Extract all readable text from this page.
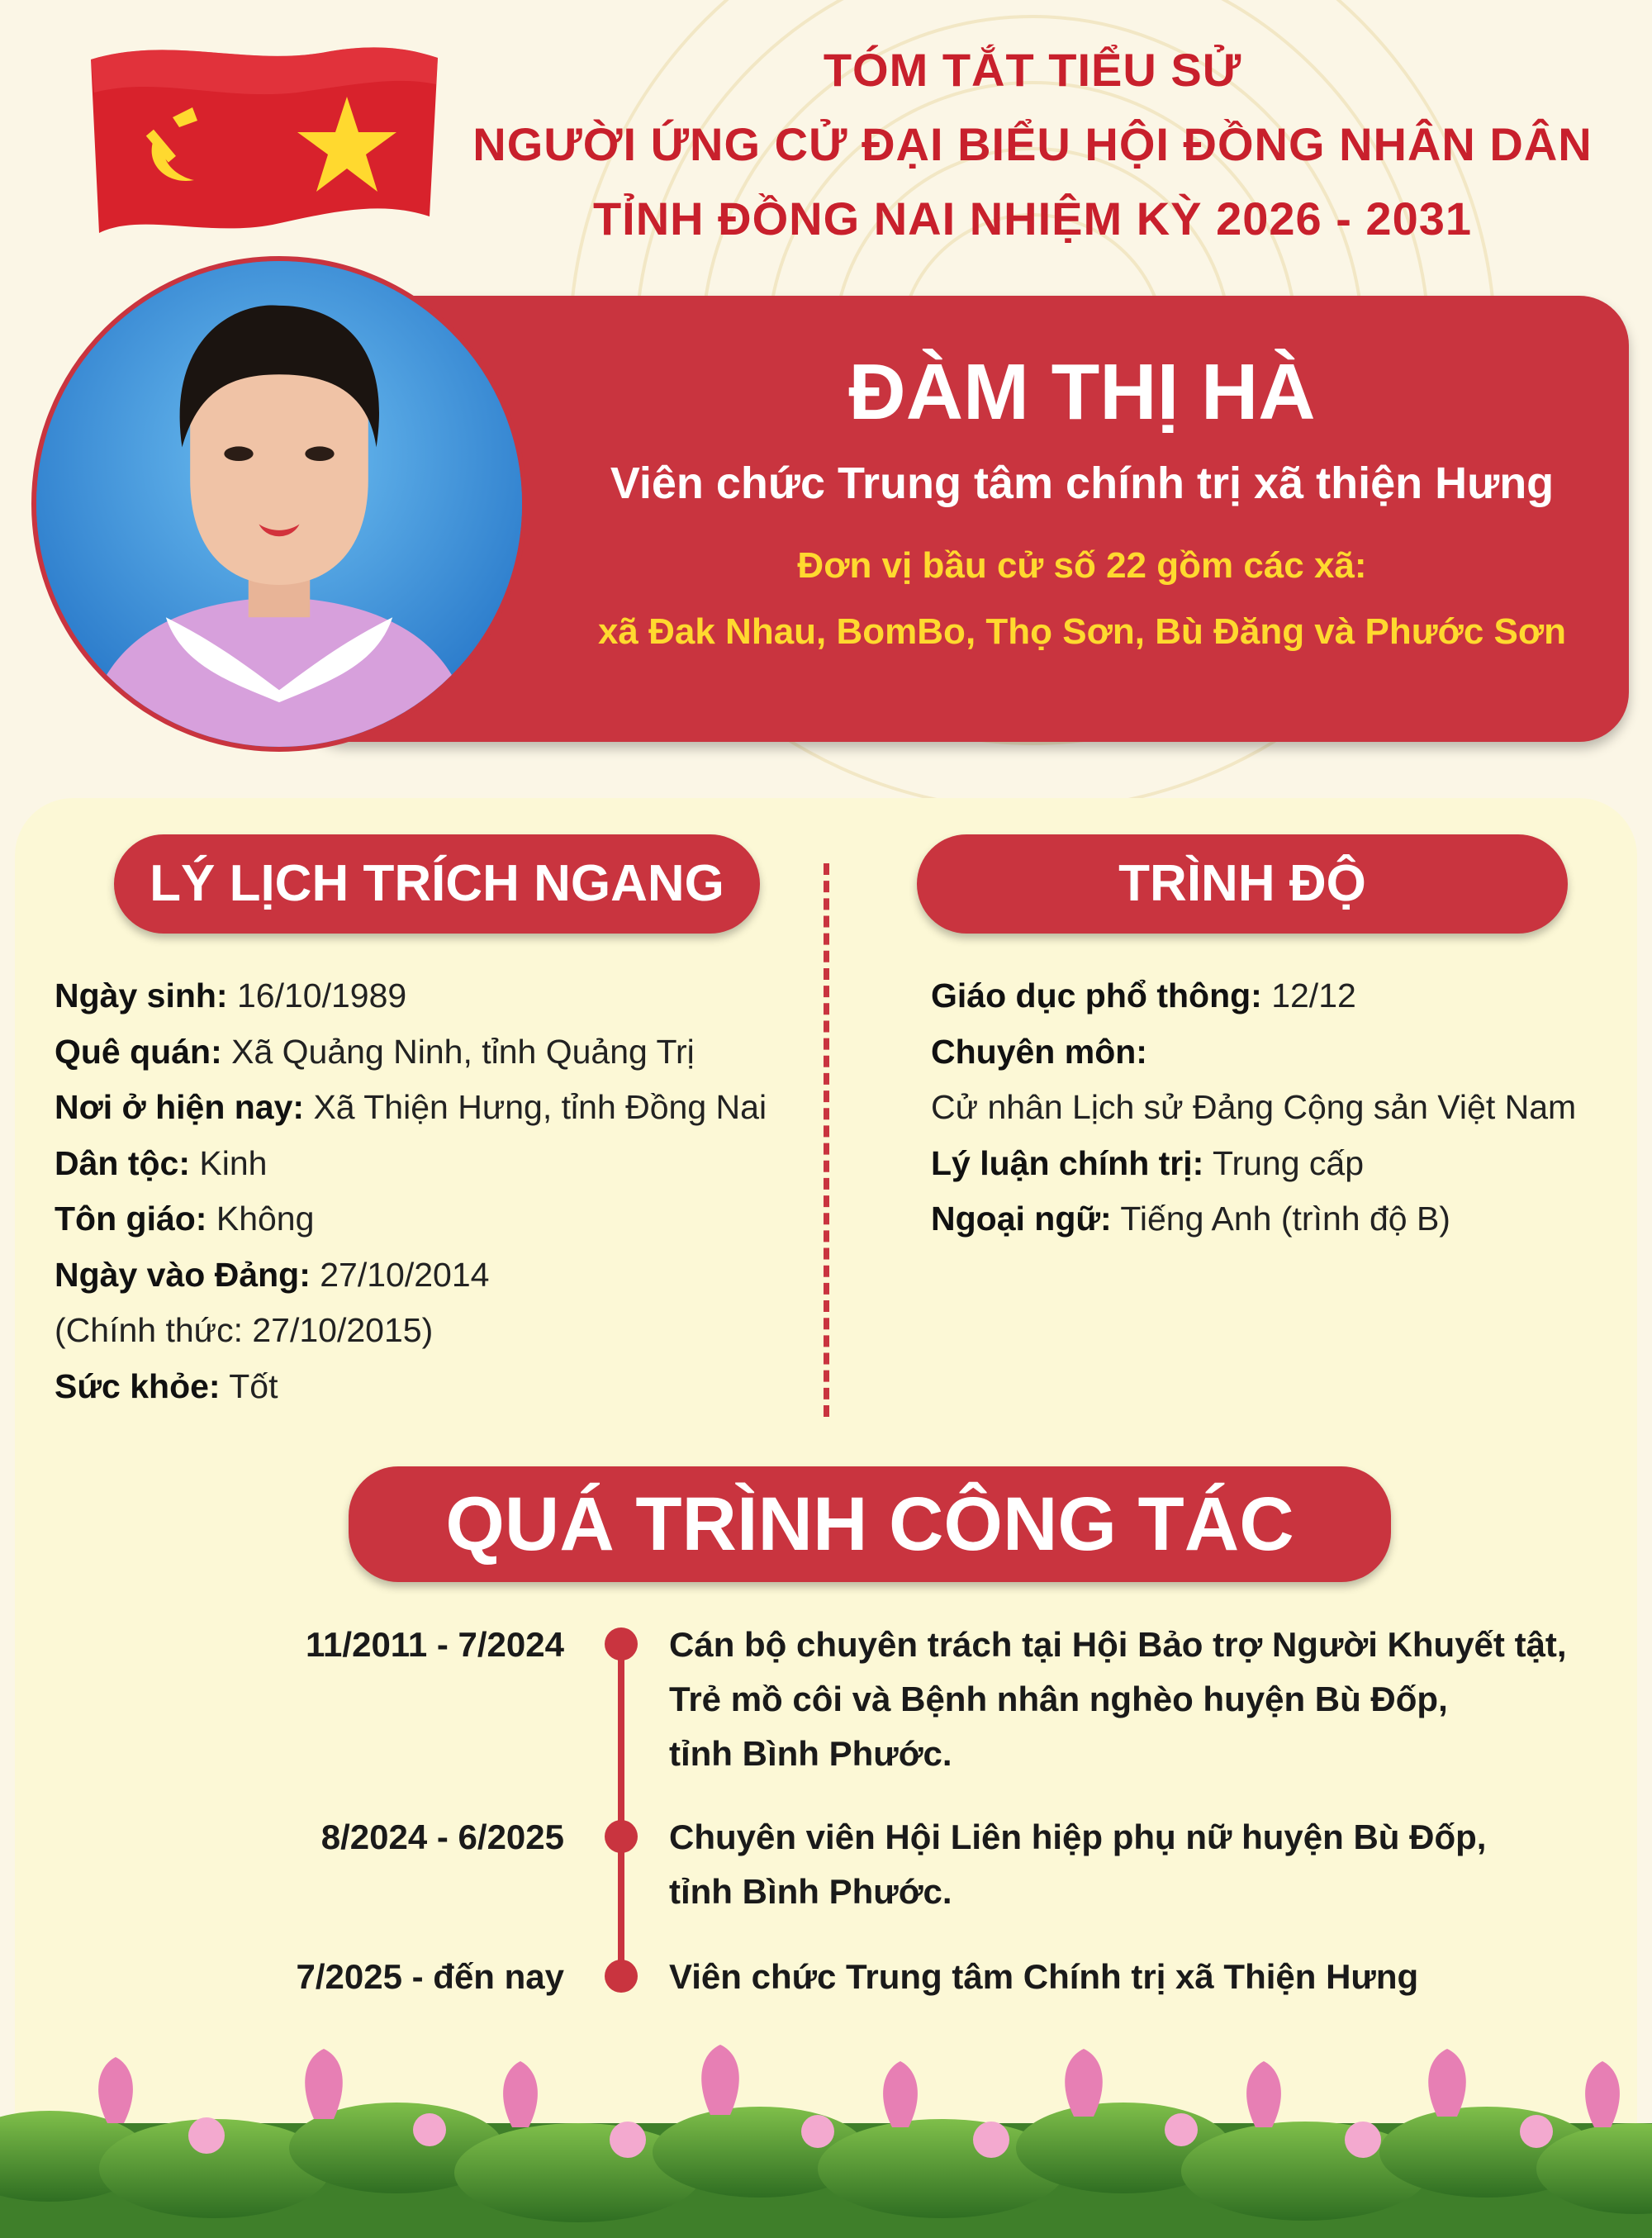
TÓM TẮT TIỂU SỬ
NGƯỜI ỨNG CỬ ĐẠI BIỂU HỘI ĐỒNG NHÂN DÂN
TỈNH ĐỒNG NAI NHIỆM KỲ 2026 - 2031
ĐÀM THỊ HÀ
Viên chức Trung tâm chính trị xã thiện Hưng
Đơn vị bầu cử số 22 gồm các xã:
xã Đak Nhau, BomBo, Thọ Sơn, Bù Đăng và Phước Sơn
LÝ LỊCH TRÍCH NGANG	TRÌNH ĐỘ
Ngày sinh: 16/10/1989
Quê quán: Xã Quảng Ninh, tỉnh Quảng Trị
Nơi ở hiện nay: Xã Thiện Hưng, tỉnh Đồng Nai
Dân tộc: Kinh
Tôn giáo: Không
Ngày vào Đảng: 27/10/2014
(Chính thức: 27/10/2015)
Sức khỏe: Tốt
Giáo dục phổ thông: 12/12
Chuyên môn:
Cử nhân Lịch sử Đảng Cộng sản Việt Nam
Lý luận chính trị: Trung cấp
Ngoại ngữ: Tiếng Anh (trình độ B)
QUÁ TRÌNH CÔNG TÁC
11/2011 - 7/2024	Cán bộ chuyên trách tại Hội Bảo trợ Người Khuyết tật,
Trẻ mồ côi và Bệnh nhân nghèo huyện Bù Đốp,
tỉnh Bình Phước.
8/2024 - 6/2025	Chuyên viên Hội Liên hiệp phụ nữ huyện Bù Đốp,
tỉnh Bình Phước.
7/2025 - đến nay	Viên chức Trung tâm Chính trị xã Thiện Hưng
